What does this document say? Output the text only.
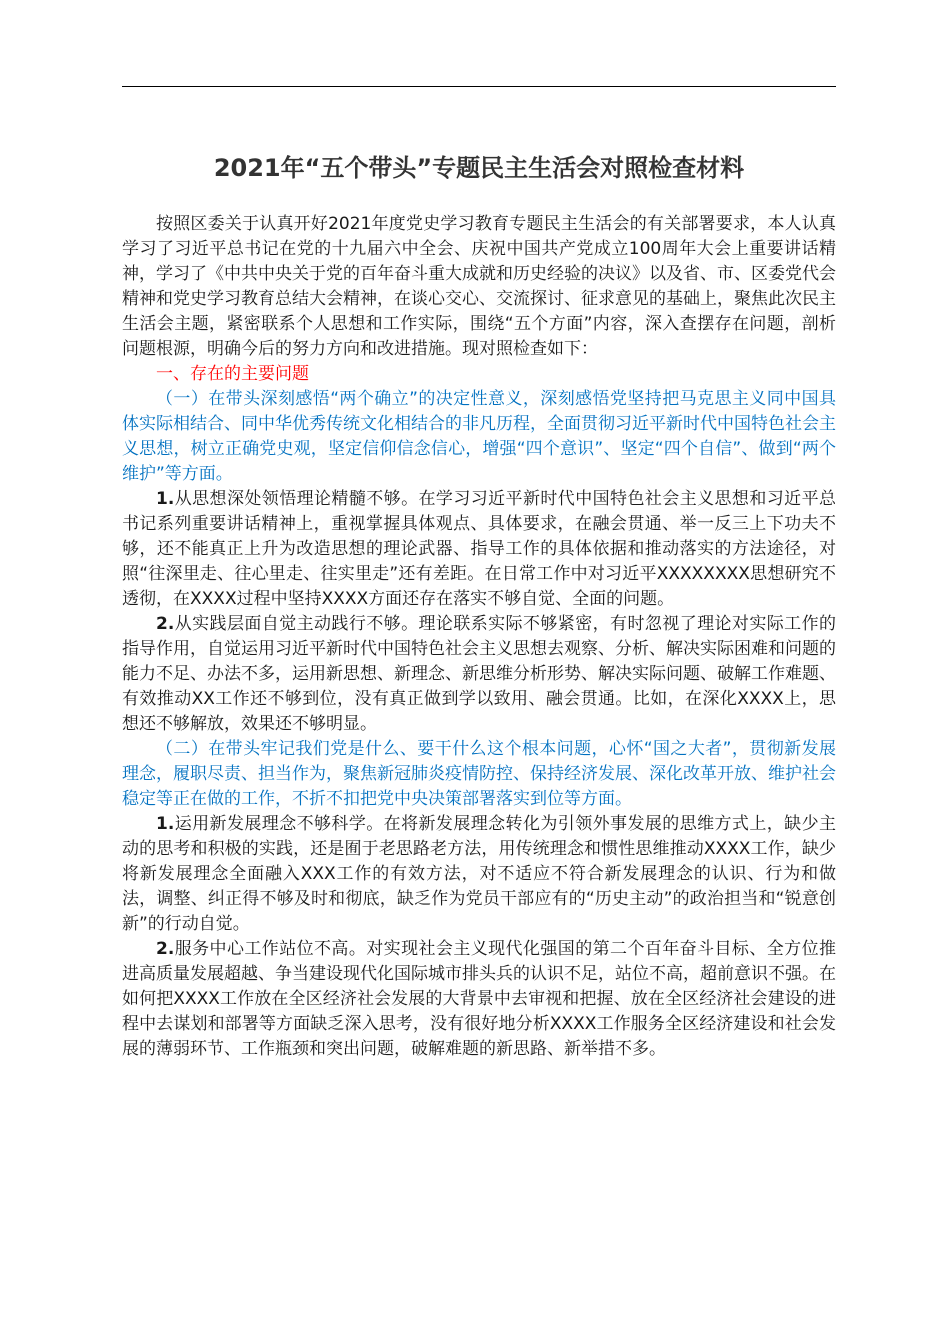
2021年“五个带头”专题民主生活会对照检查材料

按照区委关于认真开好2021年度党史学习教育专题民主生活会的有关部署要求，本人认真学习了习近平总书记在党的十九届六中全会、庆祝中国共产党成立100周年大会上重要讲话精神，学习了《中共中央关于党的百年奋斗重大成就和历史经验的决议》以及省、市、区委党代会精神和党史学习教育总结大会精神，在谈心交心、交流探讨、征求意见的基础上，聚焦此次民主生活会主题，紧密联系个人思想和工作实际，围绕“五个方面”内容，深入查摆存在问题，剖析问题根源，明确今后的努力方向和改进措施。现对照检查如下：

一、存在的主要问题

（一）在带头深刻感悟“两个确立”的决定性意义，深刻感悟党坚持把马克思主义同中国具体实际相结合、同中华优秀传统文化相结合的非凡历程，全面贯彻习近平新时代中国特色社会主义思想，树立正确党史观，坚定信仰信念信心，增强“四个意识”、坚定“四个自信”、做到“两个维护”等方面。

1.从思想深处领悟理论精髓不够。在学习习近平新时代中国特色社会主义思想和习近平总书记系列重要讲话精神上，重视掌握具体观点、具体要求，在融会贯通、举一反三上下功夫不够，还不能真正上升为改造思想的理论武器、指导工作的具体依据和推动落实的方法途径，对照“往深里走、往心里走、往实里走”还有差距。在日常工作中对习近平XXXXXXXX思想研究不透彻，在XXXX过程中坚持XXXX方面还存在落实不够自觉、全面的问题。

2.从实践层面自觉主动践行不够。理论联系实际不够紧密，有时忽视了理论对实际工作的指导作用，自觉运用习近平新时代中国特色社会主义思想去观察、分析、解决实际困难和问题的能力不足、办法不多，运用新思想、新理念、新思维分析形势、解决实际问题、破解工作难题、有效推动XX工作还不够到位，没有真正做到学以致用、融会贯通。比如，在深化XXXX上，思想还不够解放，效果还不够明显。

（二）在带头牢记我们党是什么、要干什么这个根本问题，心怀“国之大者”，贯彻新发展理念，履职尽责、担当作为，聚焦新冠肺炎疫情防控、保持经济发展、深化改革开放、维护社会稳定等正在做的工作，不折不扣把党中央决策部署落实到位等方面。

1.运用新发展理念不够科学。在将新发展理念转化为引领外事发展的思维方式上，缺少主动的思考和积极的实践，还是囿于老思路老方法，用传统理念和惯性思维推动XXXX工作，缺少将新发展理念全面融入XXX工作的有效方法，对不适应不符合新发展理念的认识、行为和做法，调整、纠正得不够及时和彻底，缺乏作为党员干部应有的“历史主动”的政治担当和“锐意创新”的行动自觉。

2.服务中心工作站位不高。对实现社会主义现代化强国的第二个百年奋斗目标、全方位推进高质量发展超越、争当建设现代化国际城市排头兵的认识不足，站位不高，超前意识不强。在如何把XXXX工作放在全区经济社会发展的大背景中去审视和把握、放在全区经济社会建设的进程中去谋划和部署等方面缺乏深入思考，没有很好地分析XXXX工作服务全区经济建设和社会发展的薄弱环节、工作瓶颈和突出问题，破解难题的新思路、新举措不多。
